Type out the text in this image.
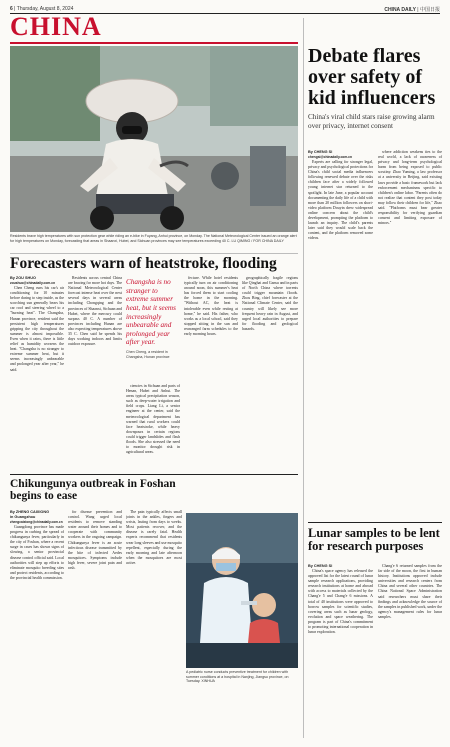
6 | Thursday, August 8, 2024	CHINA DAILY | 中国日报
CHINA
Residents brave high temperatures with sun protection gear while riding an e-bike in Fuyang, Anhui province, on Monday. The National Meteorological Center issued an orange alert for high temperatures on Monday, forecasting that areas in Shaanxi, Hubei, and Sichuan provinces may see temperatures exceeding 40 C. LU QIMING / FOR CHINA DAILY
Forecasters warn of heatstroke, flooding
By ZOU SHUO
zoushuo@chinadaily.com.cn

Chen Cheng runs his car's air conditioning for 10 minutes before daring to step inside, as the scorching sun generally bears his car roof and steering wheel to a "burning heat". The Changsha, Hunan province, resident said the persistent high temperatures gripping the city throughout the summer is almost impossible. Even when it rains, there is little relief as humidity worsens the heat. "Changsha is no stranger to extreme summer heat, but it seems increasingly unbearable and prolonged year after year," he said.

Residents across central China are bracing for more hot days. The National Meteorological Center forecast intense heat over the next several days in several areas including Chongqing and the provinces of Shaanxi, Sichuan and Hubei, where the mercury could surpass 40 C. A number of provinces including Hunan are also expecting temperatures above 35 C. Chen said he spends his days working indoors and limits outdoor exposure.

Changsha is no stranger to extreme summer heat, but it seems increasingly unbearable and prolonged year after year.
Chen Cheng, a resident in Changsha, Hunan province

ciencies in Sichuan and parts of Henan, Hubei and Anhui. The areas typical precipitation season, such as deep-water irrigation and field crops. Liang Li, a senior engineer at the center, said the meteorological department has warned that rural workers could face heatstroke, while heavy downpours in certain regions could trigger landslides and flash floods. She also stressed the need to monitor drought risk in agricultural areas.

fecture. While hotel residents typically turn on air conditioning around noon, this summer's heat has forced them to start cooling the home in the morning. "Without AC, the heat is intolerable even while resting at home," he said. His father, who works as a local school, said they stopped sitting in the sun and rearranged farm schedules to the early morning hours.

geographically fragile regions like Qinghai and Gansu and in parts of North China where torrents could trigger mountain floods. Zhou Bing, chief forecaster at the National Climate Center, said the country will likely see more frequent heavy rain in August, and urged local authorities to prepare for flooding and geological hazards.

Chikungunya outbreak in Foshan begins to ease
By ZHENG CAIXIONG
in Guangzhou
zhengcaixiong@chinadaily.com.cn

Guangdong province has made progress in curbing the spread of chikungunya fever, particularly in the city of Foshan, where a recent surge in cases has shown signs of slowing, a senior provincial disease control official said. Local authorities will step up efforts to eliminate mosquito breeding sites and protect residents, according to the provincial health commission.

for disease prevention and control. Wang urged local residents to remove standing water around their homes and to cooperate with community workers in the ongoing campaign. Chikungunya fever is an acute infectious disease transmitted by the bite of infected Aedes mosquitoes. Symptoms include high fever, severe joint pain and rash.

The pain typically affects small joints in the ankles, fingers and wrists, lasting from days to weeks. Most patients recover, and the disease is rarely fatal. Health experts recommend that residents wear long sleeves and use mosquito repellent, especially during the early morning and late afternoon when the mosquitoes are most active.

A pediatric nurse conducts preventive treatment for children with summer conditions at a hospital in Nanjing, Jiangsu province, on Tuesday. XINHUA
Debate flares over safety of kid influencers
China's viral child stars raise growing alarm over privacy, internet consent
By CHENG SI
chengsi@chinadaily.com.cn

Experts are calling for stronger legal, privacy and psychological protections for China's child social media influencers following renewed debate over the risks children face after a widely followed young internet star returned to the spotlight. In late June, a popular account documenting the daily life of a child with more than 20 million followers on short-video platform Douyin drew widespread online concern about the child's development, prompting the platform to launch an inquiry. The child's parents later said they would scale back the content, and the platform removed some videos.

where addiction weakens ties to the real world, a lack of awareness of privacy and long-term psychological harm from being exposed to public scrutiny. Zhao Yuming, a law professor at a university in Beijing, said existing laws provide a basic framework but lack enforcement mechanisms specific to children's online labor. "Parents often do not realize that content they post today may follow their children for life," Zhao said. "Platforms must bear greater responsibility for verifying guardian consent and limiting exposure of minors."

Lunar samples to be lent for research purposes
By CHENG SI

China's space agency has released the approved list for the latest round of lunar sample research applications, providing research institutions at home and abroad with access to materials collected by the Chang'e 5 and Chang'e 6 missions. A total of 40 institutions were approved to borrow samples for scientific studies, covering areas such as lunar geology, evolution and space weathering. The program is part of China's commitment to promoting international cooperation in lunar exploration.

Chang'e 6 returned samples from the far side of the moon, the first in human history. Institutions approved include universities and research centers from China and several other countries. The China National Space Administration said researchers must share their findings and acknowledge the source of the samples in published work, under the agency's management rules for lunar samples.
